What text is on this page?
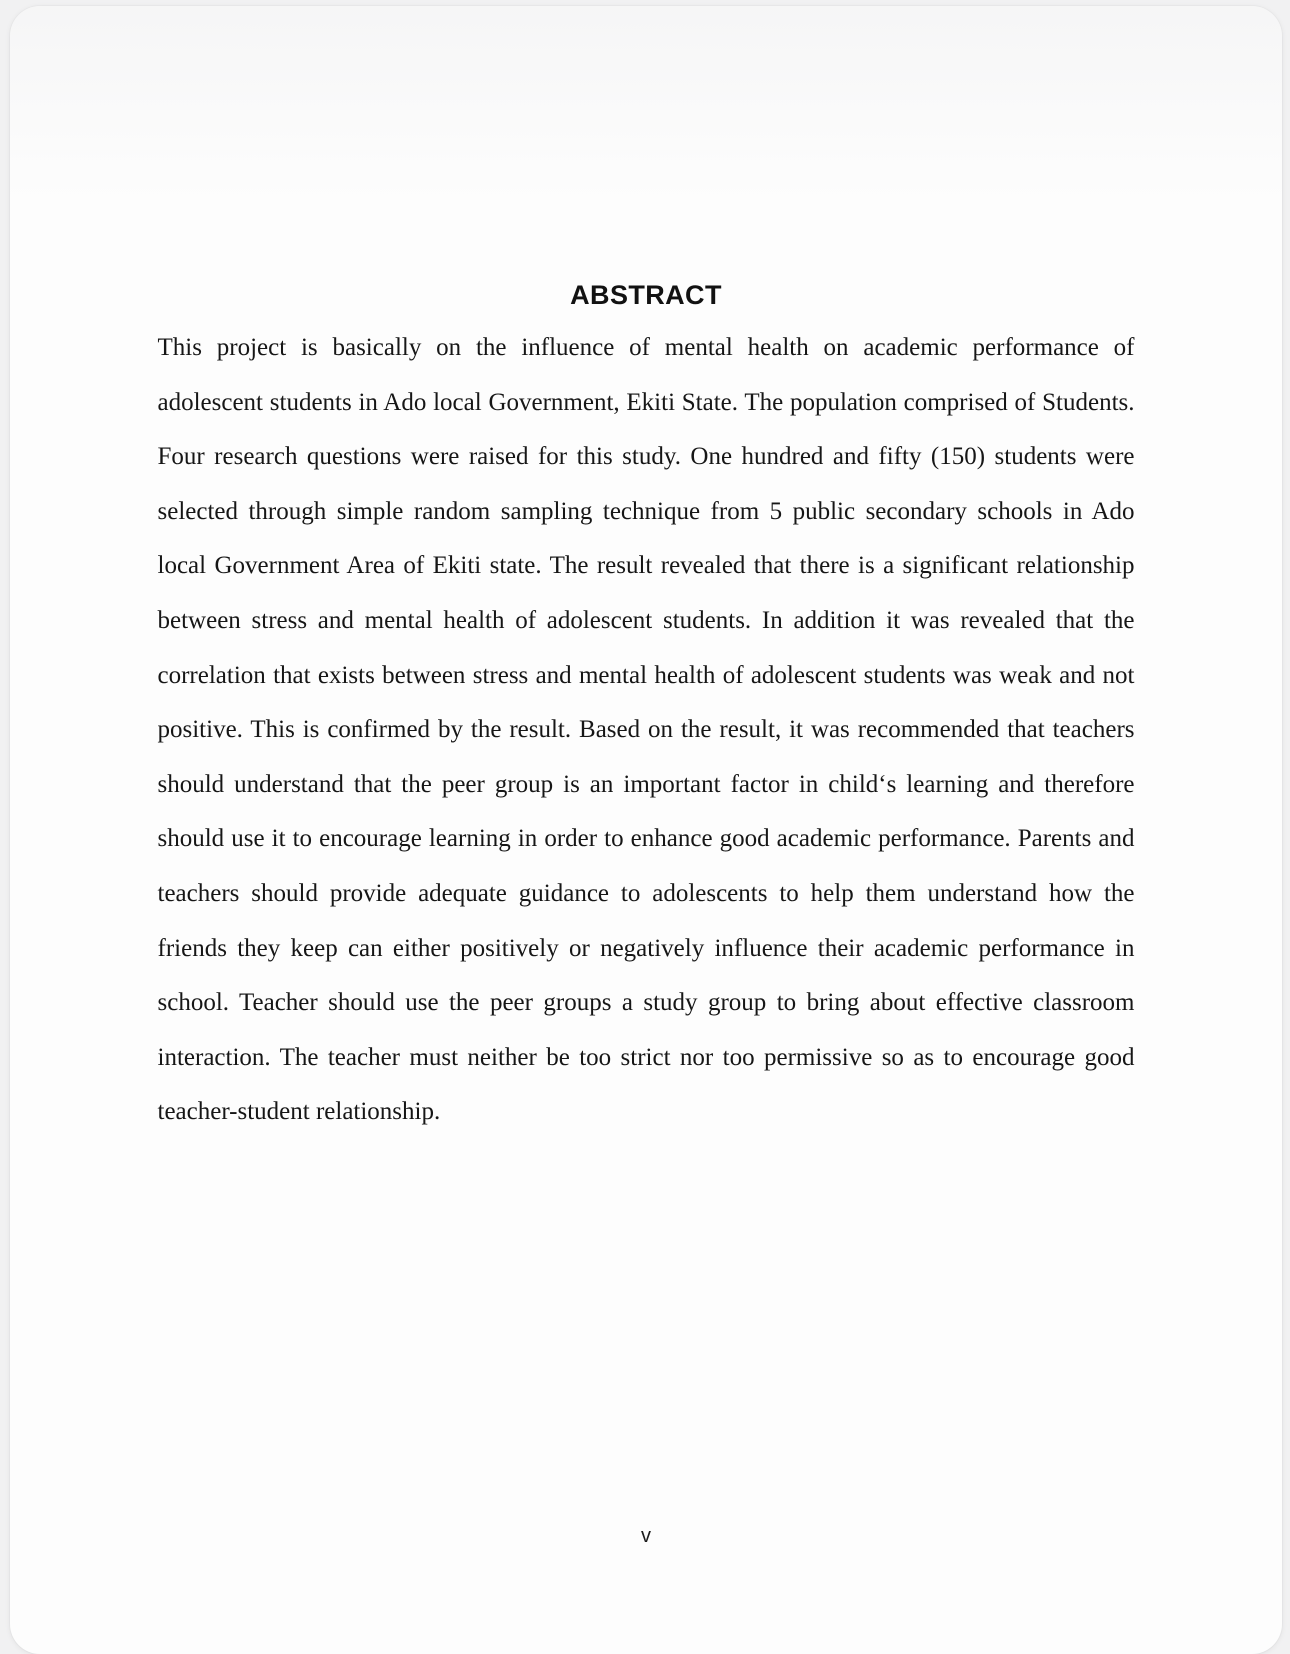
ABSTRACT
This project is basically on the influence of mental health on academic performance of
adolescent students in Ado local Government, Ekiti State. The population comprised of Students.
Four research questions were raised for this study. One hundred and fifty (150) students were
selected through simple random sampling technique from 5 public secondary schools in Ado
local Government Area of Ekiti state. The result revealed that there is a significant relationship
between stress and mental health of adolescent students. In addition it was revealed that the
correlation that exists between stress and mental health of adolescent students was weak and not
positive. This is confirmed by the result. Based on the result, it was recommended that teachers
should understand that the peer group is an important factor in child‘s learning and therefore
should use it to encourage learning in order to enhance good academic performance. Parents and
teachers should provide adequate guidance to adolescents to help them understand how the
friends they keep can either positively or negatively influence their academic performance in
school. Teacher should use the peer groups a study group to bring about effective classroom
interaction. The teacher must neither be too strict nor too permissive so as to encourage good
teacher-student relationship.
v
